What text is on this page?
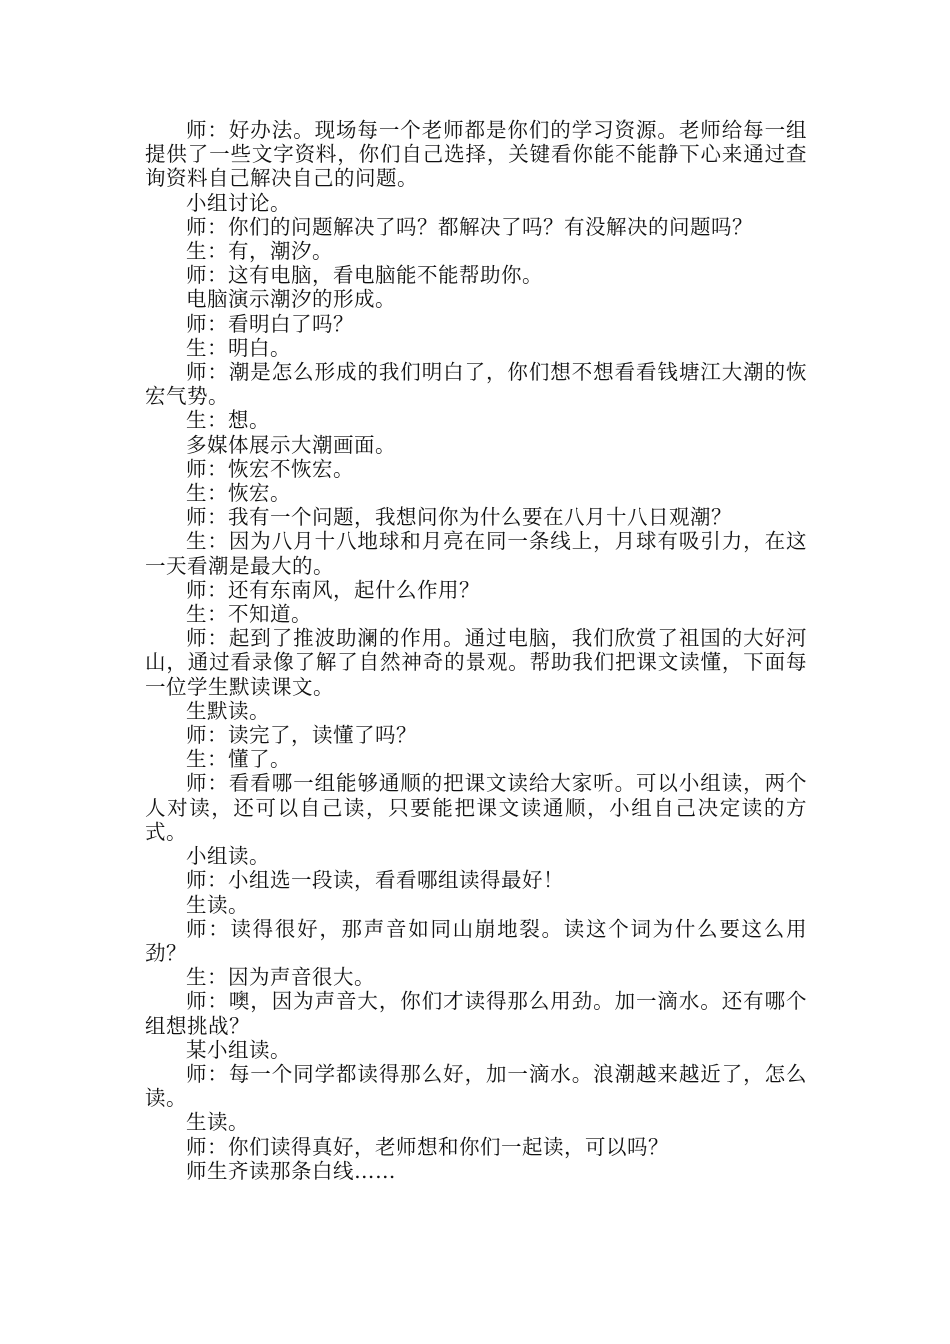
师：好办法。现场每一个老师都是你们的学习资源。老师给每一组提供了一些文字资料，你们自己选择，关键看你能不能静下心来通过查询资料自己解决自己的问题。

小组讨论。

师：你们的问题解决了吗？都解决了吗？有没解决的问题吗？

生：有，潮汐。

师：这有电脑，看电脑能不能帮助你。

电脑演示潮汐的形成。

师：看明白了吗？

生：明白。

师：潮是怎么形成的我们明白了，你们想不想看看钱塘江大潮的恢宏气势。

生：想。

多媒体展示大潮画面。

师：恢宏不恢宏。

生：恢宏。

师：我有一个问题，我想问你为什么要在八月十八日观潮？

生：因为八月十八地球和月亮在同一条线上，月球有吸引力，在这一天看潮是最大的。

师：还有东南风，起什么作用？

生：不知道。

师：起到了推波助澜的作用。通过电脑，我们欣赏了祖国的大好河山，通过看录像了解了自然神奇的景观。帮助我们把课文读懂，下面每一位学生默读课文。

生默读。

师：读完了，读懂了吗？

生：懂了。

师：看看哪一组能够通顺的把课文读给大家听。可以小组读，两个人对读，还可以自己读，只要能把课文读通顺，小组自己决定读的方式。

小组读。

师：小组选一段读，看看哪组读得最好！

生读。

师：读得很好，那声音如同山崩地裂。读这个词为什么要这么用劲？

生：因为声音很大。

师：噢，因为声音大，你们才读得那么用劲。加一滴水。还有哪个组想挑战？

某小组读。

师：每一个同学都读得那么好，加一滴水。浪潮越来越近了，怎么读。

生读。

师：你们读得真好，老师想和你们一起读，可以吗？

师生齐读那条白线……
